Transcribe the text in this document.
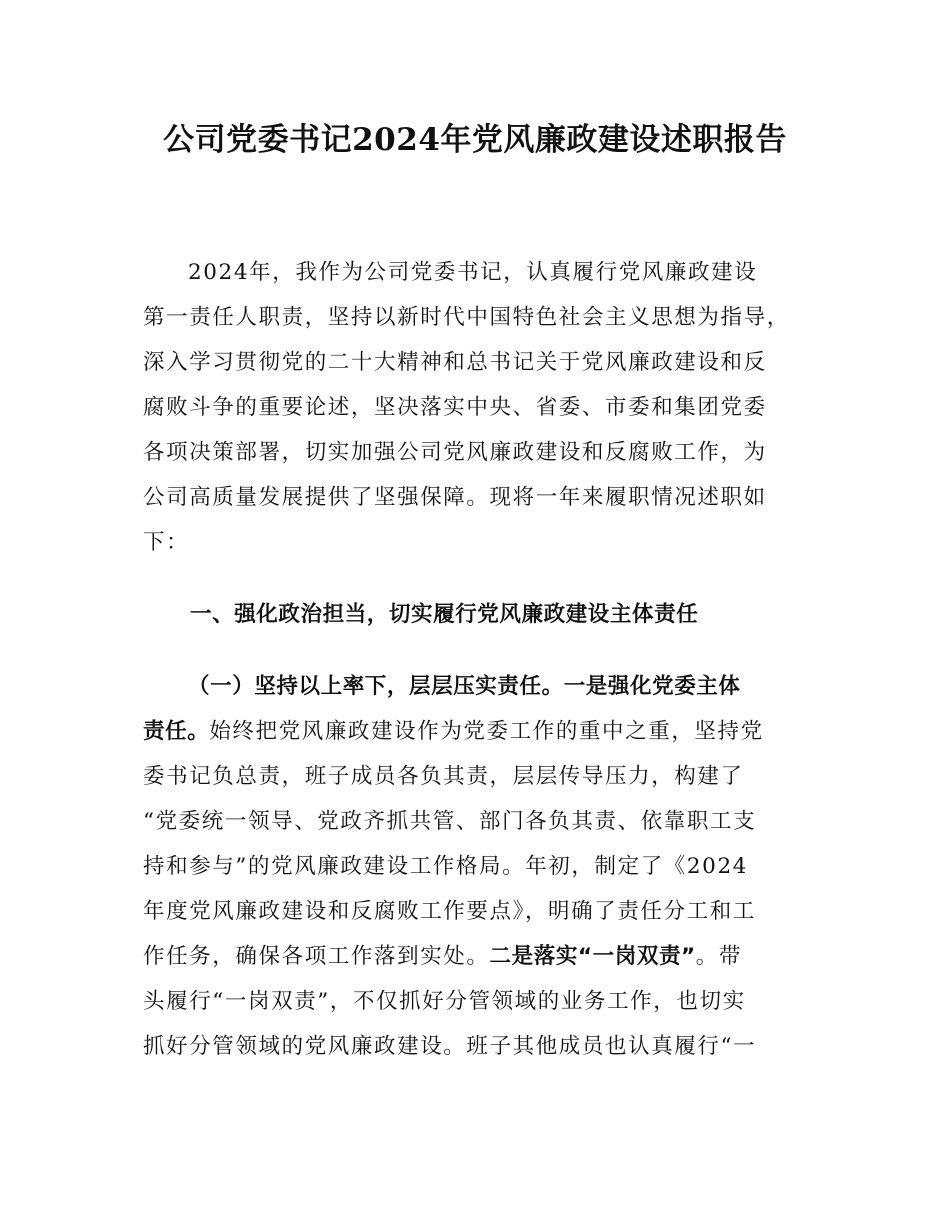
公司党委书记2024年党风廉政建设述职报告

2024年，我作为公司党委书记，认真履行党风廉政建设

第一责任人职责，坚持以新时代中国特色社会主义思想为指导，

深入学习贯彻党的二十大精神和总书记关于党风廉政建设和反

腐败斗争的重要论述，坚决落实中央、省委、市委和集团党委

各项决策部署，切实加强公司党风廉政建设和反腐败工作，为

公司高质量发展提供了坚强保障。现将一年来履职情况述职如

下：

一、强化政治担当，切实履行党风廉政建设主体责任

（一）坚持以上率下，层层压实责任。一是强化党委主体

责任。始终把党风廉政建设作为党委工作的重中之重，坚持党

委书记负总责，班子成员各负其责，层层传导压力，构建了

“党委统一领导、党政齐抓共管、部门各负其责、依靠职工支

持和参与”的党风廉政建设工作格局。年初，制定了《2024

年度党风廉政建设和反腐败工作要点》，明确了责任分工和工

作任务，确保各项工作落到实处。二是落实“一岗双责”。带

头履行“一岗双责”，不仅抓好分管领域的业务工作，也切实

抓好分管领域的党风廉政建设。班子其他成员也认真履行“一
